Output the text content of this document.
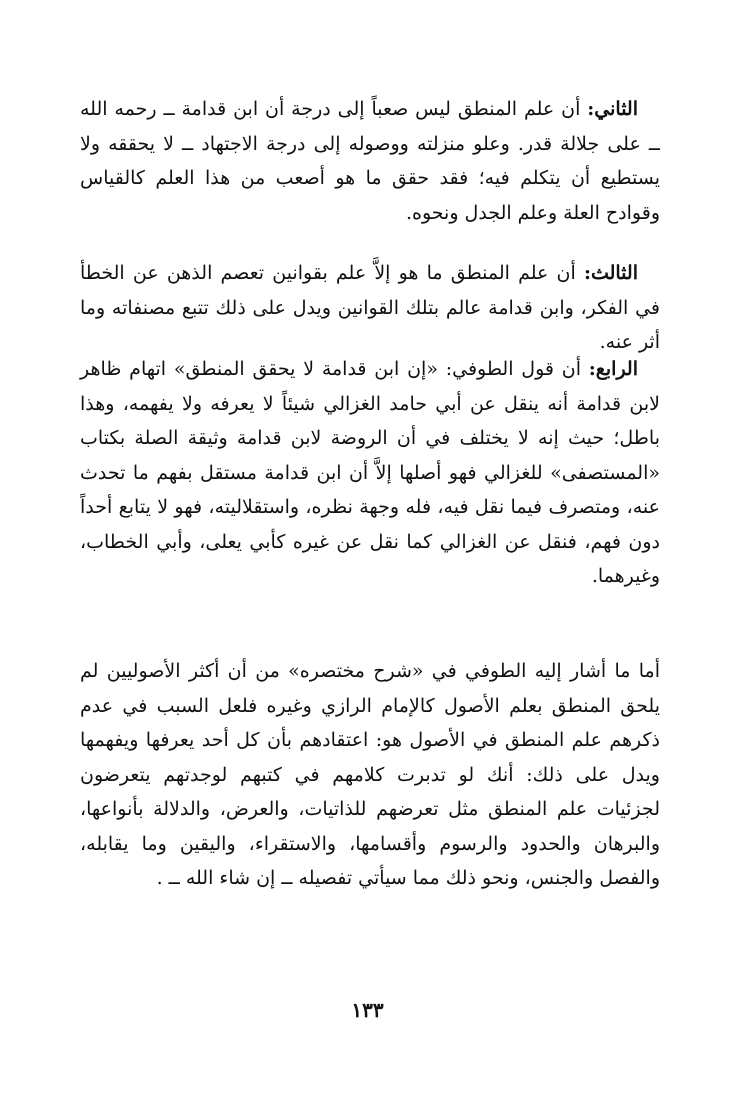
الثاني: أن علم المنطق ليس صعباً إلى درجة أن ابن قدامة ــ رحمه الله ــ على جلالة قدر. وعلو منزلته ووصوله إلى درجة الاجتهاد ــ لا يحققه ولا يستطيع أن يتكلم فيه؛ فقد حقق ما هو أصعب من هذا العلم كالقياس وقوادح العلة وعلم الجدل ونحوه.

الثالث: أن علم المنطق ما هو إلاَّ علم بقوانين تعصم الذهن عن الخطأ في الفكر، وابن قدامة عالم بتلك القوانين ويدل على ذلك تتبع مصنفاته وما أثر عنه.

الرابع: أن قول الطوفي: «إن ابن قدامة لا يحقق المنطق» اتهام ظاهر لابن قدامة أنه ينقل عن أبي حامد الغزالي شيئاً لا يعرفه ولا يفهمه، وهذا باطل؛ حيث إنه لا يختلف في أن الروضة لابن قدامة وثيقة الصلة بكتاب «المستصفى» للغزالي فهو أصلها إلاَّ أن ابن قدامة مستقل بفهم ما تحدث عنه، ومتصرف فيما نقل فيه، فله وجهة نظره، واستقلاليته، فهو لا يتابع أحداً دون فهم، فنقل عن الغزالي كما نقل عن غيره كأبي يعلى، وأبي الخطاب، وغيرهما.

أما ما أشار إليه الطوفي في «شرح مختصره» من أن أكثر الأصوليين لم يلحق المنطق بعلم الأصول كالإمام الرازي وغيره فلعل السبب في عدم ذكرهم علم المنطق في الأصول هو: اعتقادهم بأن كل أحد يعرفها ويفهمها ويدل على ذلك: أنك لو تدبرت كلامهم في كتبهم لوجدتهم يتعرضون لجزئيات علم المنطق مثل تعرضهم للذاتيات، والعرض، والدلالة بأنواعها، والبرهان والحدود والرسوم وأقسامها، والاستقراء، واليقين وما يقابله، والفصل والجنس، ونحو ذلك مما سيأتي تفصيله ــ إن شاء الله ــ .

١٣٣
